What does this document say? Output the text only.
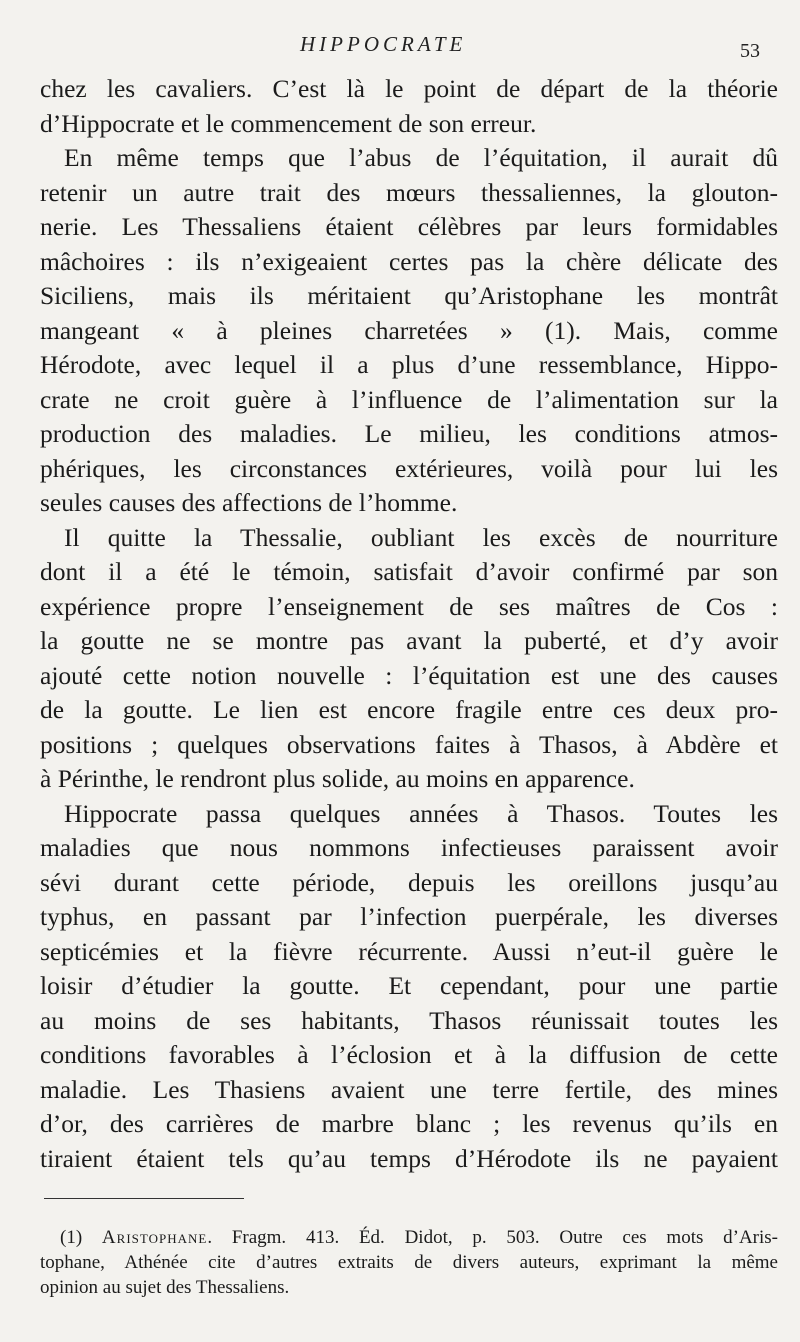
HIPPOCRATE	53
chez les cavaliers. C’est là le point de départ de la théorie
d’Hippocrate et le commencement de son erreur.
En même temps que l’abus de l’équitation, il aurait dû
retenir un autre trait des mœurs thessaliennes, la glouton-
nerie. Les Thessaliens étaient célèbres par leurs formidables
mâchoires : ils n’exigeaient certes pas la chère délicate des
Siciliens, mais ils méritaient qu’Aristophane les montrât
mangeant « à pleines charretées » (1). Mais, comme
Hérodote, avec lequel il a plus d’une ressemblance, Hippo-
crate ne croit guère à l’influence de l’alimentation sur la
production des maladies. Le milieu, les conditions atmos-
phériques, les circonstances extérieures, voilà pour lui les
seules causes des affections de l’homme.
Il quitte la Thessalie, oubliant les excès de nourriture
dont il a été le témoin, satisfait d’avoir confirmé par son
expérience propre l’enseignement de ses maîtres de Cos :
la goutte ne se montre pas avant la puberté, et d’y avoir
ajouté cette notion nouvelle : l’équitation est une des causes
de la goutte. Le lien est encore fragile entre ces deux pro-
positions ; quelques observations faites à Thasos, à Abdère et
à Périnthe, le rendront plus solide, au moins en apparence.
Hippocrate passa quelques années à Thasos. Toutes les
maladies que nous nommons infectieuses paraissent avoir
sévi durant cette période, depuis les oreillons jusqu’au
typhus, en passant par l’infection puerpérale, les diverses
septicémies et la fièvre récurrente. Aussi n’eut-il guère le
loisir d’étudier la goutte. Et cependant, pour une partie
au moins de ses habitants, Thasos réunissait toutes les
conditions favorables à l’éclosion et à la diffusion de cette
maladie. Les Thasiens avaient une terre fertile, des mines
d’or, des carrières de marbre blanc ; les revenus qu’ils en
tiraient étaient tels qu’au temps d’Hérodote ils ne payaient
(1) Aristophane. Fragm. 413. Éd. Didot, p. 503. Outre ces mots d’Aris-
tophane, Athénée cite d’autres extraits de divers auteurs, exprimant la même
opinion au sujet des Thessaliens.
